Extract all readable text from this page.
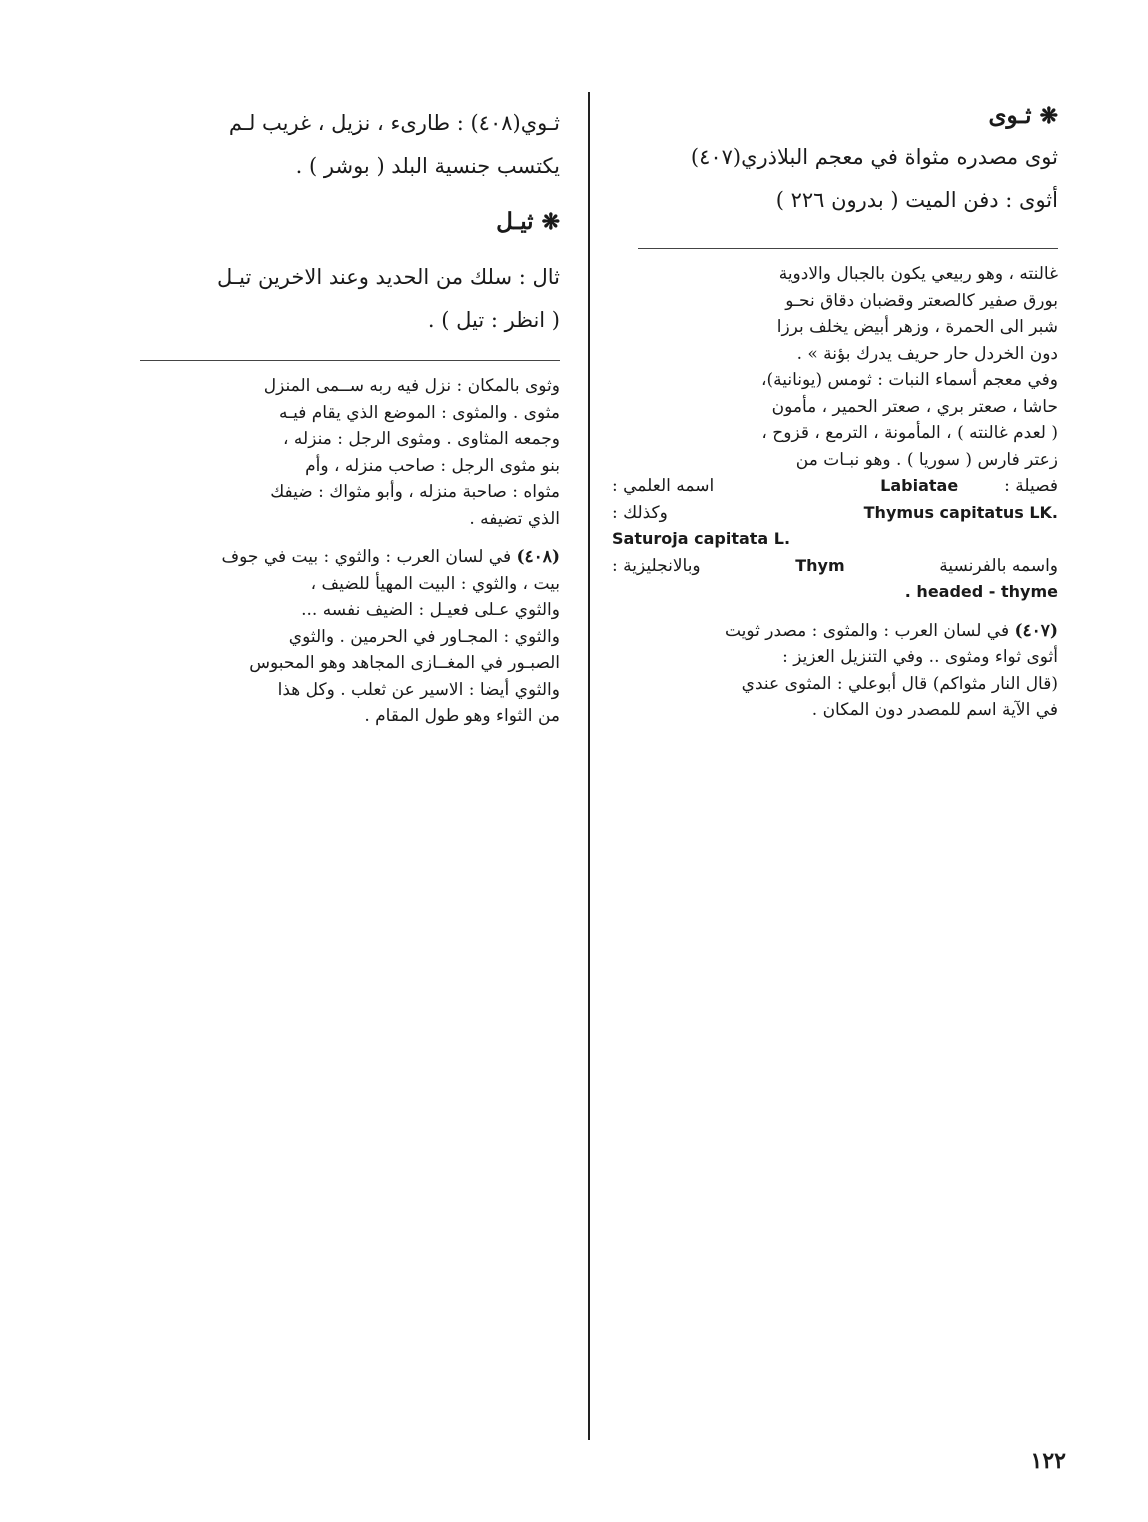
❋
ثـوى
ثوى مصدره مثواة في معجم البلاذري(٤٠٧)
أثوى : دفن الميت ( بدرون ٢٢٦ )
غالنته ، وهو ربيعي يكون بالجبال والادوية
بورق صفير كالصعتر وقضبان دقاق نحـو
شبر الى الحمرة ، وزهر أبيض يخلف برزا
دون الخردل حار حريف يدرك بؤنة » .
وفي معجم أسماء النبات : ثومس (يونانية)،
حاشا ، صعتر بري ، صعتر الحمير ، مأمون
( لعدم غالنته ) ، المأمونة ، الترمع ، قزوح ،
زعتر فارس ( سوريا ) . وهو نبـات من
فصيلة :
Labiatae
اسمه العلمي :
Thymus capitatus LK.
وكذلك :
Saturoja capitata L.
واسمه بالفرنسية
Thym
وبالانجليزية :
. headed - thyme
(٤٠٧) في لسان العرب : والمثوى : مصدر ثويت
أثوى ثواء ومثوى .. وفي التنزيل العزيز :
(قال النار مثواكم) قال أبوعلي : المثوى عندي
في الآية اسم للمصدر دون المكان .
ثـوي(٤٠٨) : طارىء ، نزيل ، غريب لـم
يكتسب جنسية البلد ( بوشر ) .
❋
ثيـل
ثال : سلك من الحديد وعند الاخرين تيـل
( انظر : تيل ) .
وثوى بالمكان : نزل فيه ربه ســمى المنزل
مثوى . والمثوى : الموضع الذي يقام فيـه
وجمعه المثاوى . ومثوى الرجل : منزله ،
بنو مثوى الرجل : صاحب منزله ، وأم
مثواه : صاحبة منزله ، وأبو مثواك : ضيفك
الذي تضيفه .
(٤٠٨) في لسان العرب : والثوي : بيت في جوف
بيت ، والثوي : البيت المهيأ للضيف ،
والثوي عـلى فعيـل : الضيف نفسه ...
والثوي : المجـاور في الحرمين . والثوي
الصبـور في المغــازى المجاهد وهو المحبوس
والثوي أيضا : الاسير عن ثعلب . وكل هذا
من الثواء وهو طول المقام .
١٢٢
